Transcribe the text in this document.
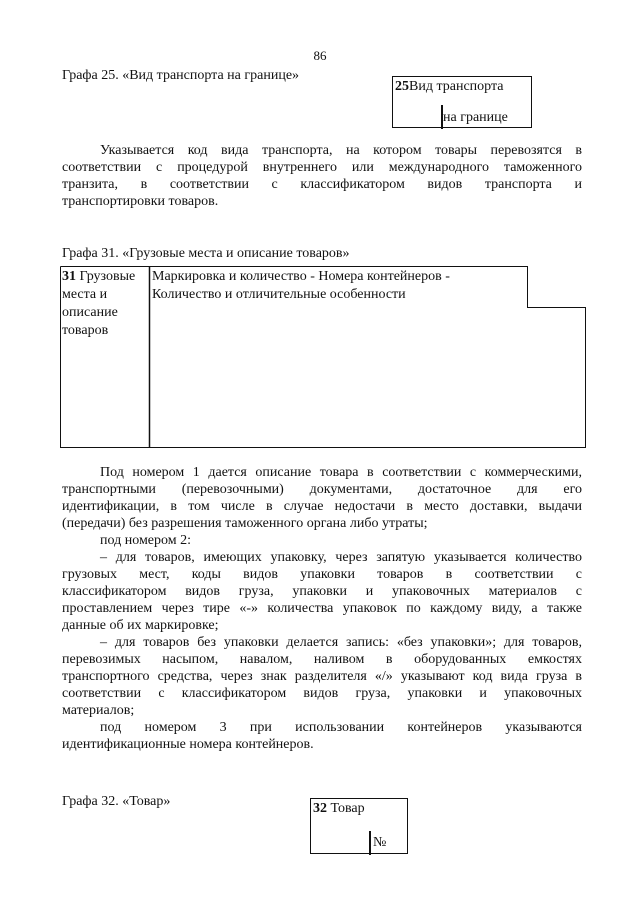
86
Графа 25. «Вид транспорта на границе»
25Вид транспорта
на границе
Указывается код вида транспорта, на котором товары перевозятся в
соответствии с процедурой внутреннего или международного таможенного
транзита, в соответствии с классификатором видов транспорта и
транспортировки товаров.
Графа 31. «Грузовые места и описание товаров»
31 Грузовые
места и
описание
товаров
Маркировка и количество - Номера контейнеров -
Количество и отличительные особенности
Под номером 1 дается описание товара в соответствии с коммерческими,
транспортными (перевозочными) документами, достаточное для его
идентификации, в том числе в случае недостачи в место доставки, выдачи
(передачи) без разрешения таможенного органа либо утраты;
под номером 2:
– для товаров, имеющих упаковку, через запятую указывается количество
грузовых мест, коды видов упаковки товаров в соответствии с
классификатором видов груза, упаковки и упаковочных материалов с
проставлением через тире «-» количества упаковок по каждому виду, а также
данные об их маркировке;
– для товаров без упаковки делается запись: «без упаковки»; для товаров,
перевозимых насыпом, навалом, наливом в оборудованных емкостях
транспортного средства, через знак разделителя «/» указывают код вида груза в
соответствии с классификатором видов груза, упаковки и упаковочных
материалов;
под номером 3 при использовании контейнеров указываются
идентификационные номера контейнеров.
Графа 32. «Товар»	32 Товар
№
